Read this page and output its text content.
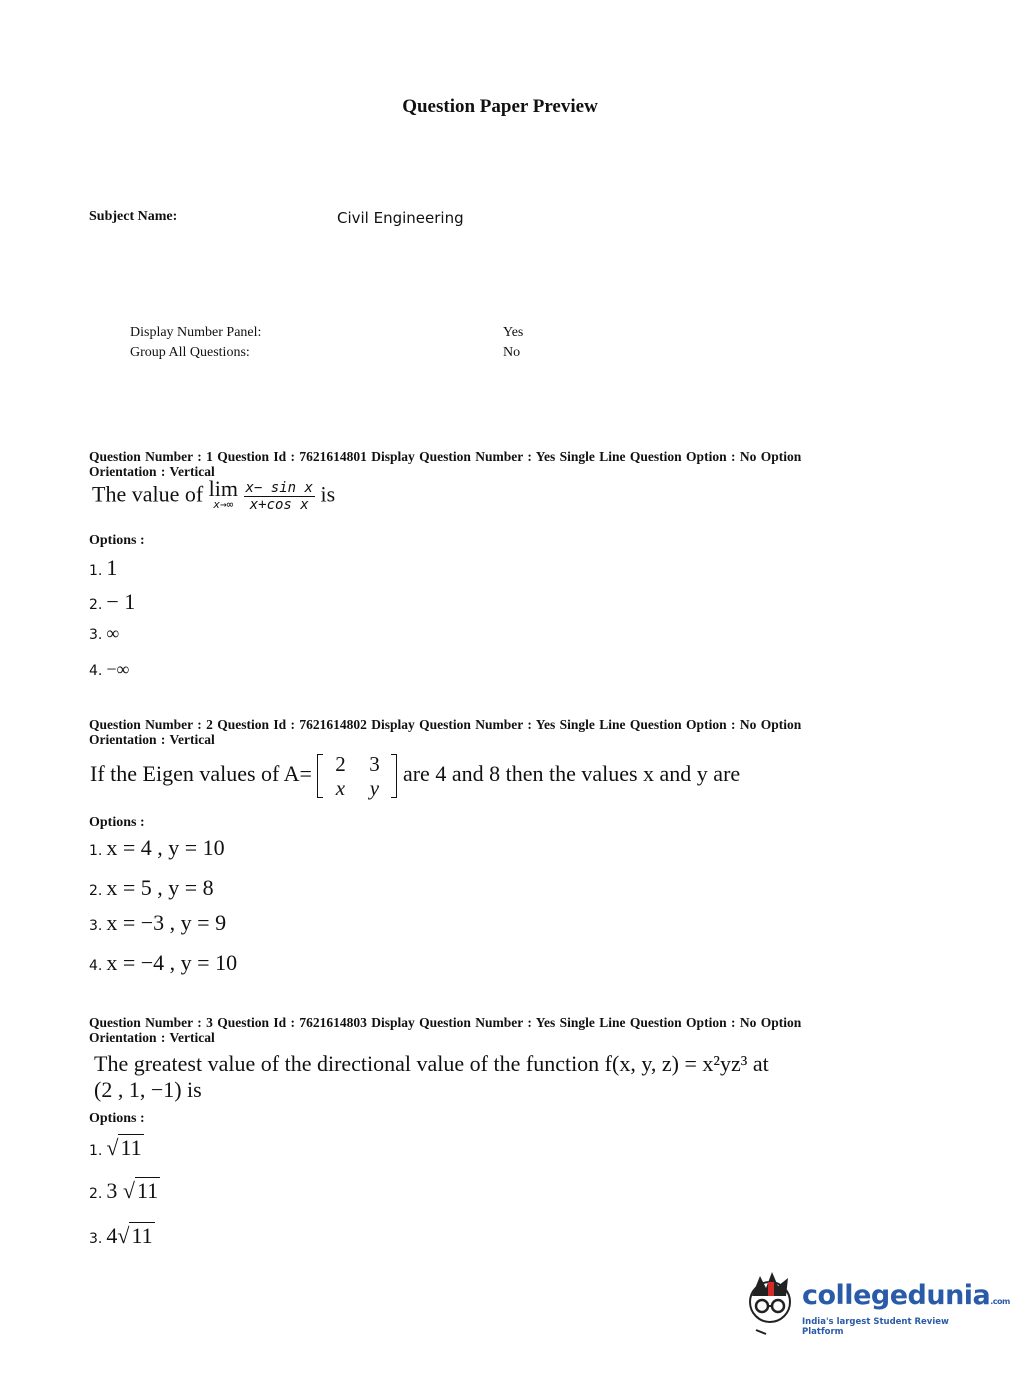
Question Paper Preview
Subject Name:	Civil Engineering
Display Number Panel:	Yes
Group All Questions:	No
Question Number : 1 Question Id : 7621614801 Display Question Number : Yes Single Line Question Option : No Option Orientation : Vertical
The value of lim
x→∞
$\frac{\text{x− sin x}}{\text{x+cos x}}$ is
Options :
1. 1
2. − 1
3. ∞
4. −∞
Question Number : 2 Question Id : 7621614802 Display Question Number : Yes Single Line Question Option : No Option Orientation : Vertical
If the Eigen values of A=	2 3
x y
are 4 and 8 then the values x and y are
Options :
1. x = 4 , y = 10
2. x = 5 , y = 8
3. x = −3 , y = 9
4. x = −4 , y = 10
Question Number : 3 Question Id : 7621614803 Display Question Number : Yes Single Line Question Option : No Option Orientation : Vertical
The greatest value of the directional value of the function f(x, y, z) = x²yz³ at
(2 , 1, −1) is
Options :
1. √11
2. 3 √11
3. 4√11
collegedunia.com
India's largest Student Review Platform
